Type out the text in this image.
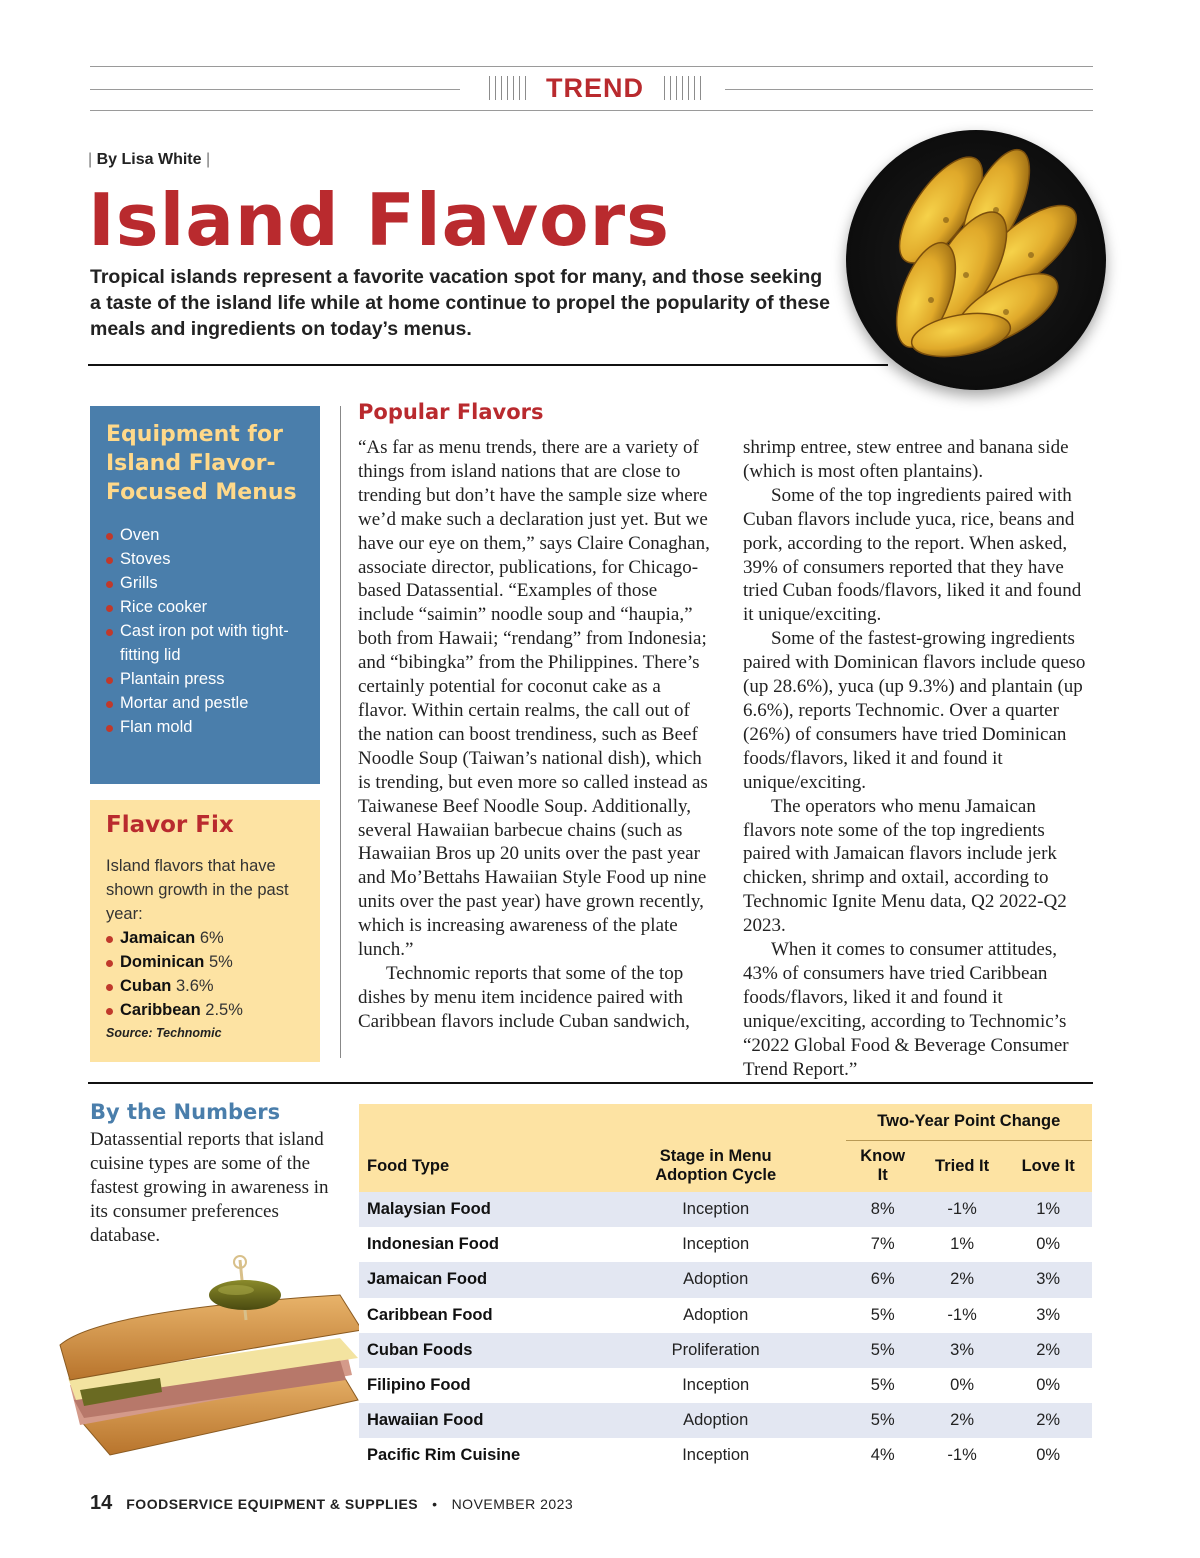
TREND
| By Lisa White |
Island Flavors

Tropical islands represent a favorite vacation spot for many, and those seeking a taste of the island life while at home continue to propel the popularity of these meals and ingredients on today’s menus.

Equipment for Island Flavor-Focused Menus
Oven
Stoves
Grills
Rice cooker
Cast iron pot with tight-fitting lid
Plantain press
Mortar and pestle
Flan mold
Flavor Fix

Island flavors that have shown growth in the past year:

Jamaican 6%
Dominican 5%
Cuban 3.6%
Caribbean 2.5%

Source: Technomic

Popular Flavors

“As far as menu trends, there are a variety of things from island nations that are close to trending but don’t have the sample size where we’d make such a declaration just yet. But we have our eye on them,” says Claire Conaghan, associate director, publications, for Chicago-based Datassential. “Examples of those include “saimin” noodle soup and “haupia,” both from Hawaii; “rendang” from Indonesia; and “bibingka” from the Philippines. There’s certainly potential for coconut cake as a flavor. Within certain realms, the call out of the nation can boost trendiness, such as Beef Noodle Soup (Taiwan’s national dish), which is trending, but even more so called instead as Taiwanese Beef Noodle Soup. Additionally, several Hawaiian barbecue chains (such as Hawaiian Bros up 20 units over the past year and Mo’Bettahs Hawaiian Style Food up nine units over the past year) have grown recently, which is increasing awareness of the plate lunch.”

Technomic reports that some of the top dishes by menu item incidence paired with Caribbean flavors include Cuban sandwich,

shrimp entree, stew entree and banana side (which is most often plantains).

Some of the top ingredients paired with Cuban flavors include yuca, rice, beans and pork, according to the report. When asked, 39% of consumers reported that they have tried Cuban foods/flavors, liked it and found it unique/exciting.

Some of the fastest-growing ingredients paired with Dominican flavors include queso (up 28.6%), yuca (up 9.3%) and plantain (up 6.6%), reports Technomic. Over a quarter (26%) of consumers have tried Dominican foods/flavors, liked it and found it unique/exciting.

The operators who menu Jamaican flavors note some of the top ingredients paired with Jamaican flavors include jerk chicken, shrimp and oxtail, according to Technomic Ignite Menu data, Q2 2022-Q2 2023.

When it comes to consumer attitudes, 43% of consumers have tried Caribbean foods/flavors, liked it and found it unique/exciting, according to Technomic’s “2022 Global Food & Beverage Consumer Trend Report.”

By the Numbers

Datassential reports that island cuisine types are some of the fastest growing in awareness in its consumer preferences database.

		Two-Year Point Change		
Food Type	Stage in Menu Adoption Cycle	Know It	Tried It	Love It
Malaysian Food	Inception	8%	-1%	1%
Indonesian Food	Inception	7%	1%	0%
Jamaican Food	Adoption	6%	2%	3%
Caribbean Food	Adoption	5%	-1%	3%
Cuban Foods	Proliferation	5%	3%	2%
Filipino Food	Inception	5%	0%	0%
Hawaiian Food	Adoption	5%	2%	2%
Pacific Rim Cuisine	Inception	4%	-1%	0%
14 FOODSERVICE EQUIPMENT & SUPPLIES • NOVEMBER 2023
